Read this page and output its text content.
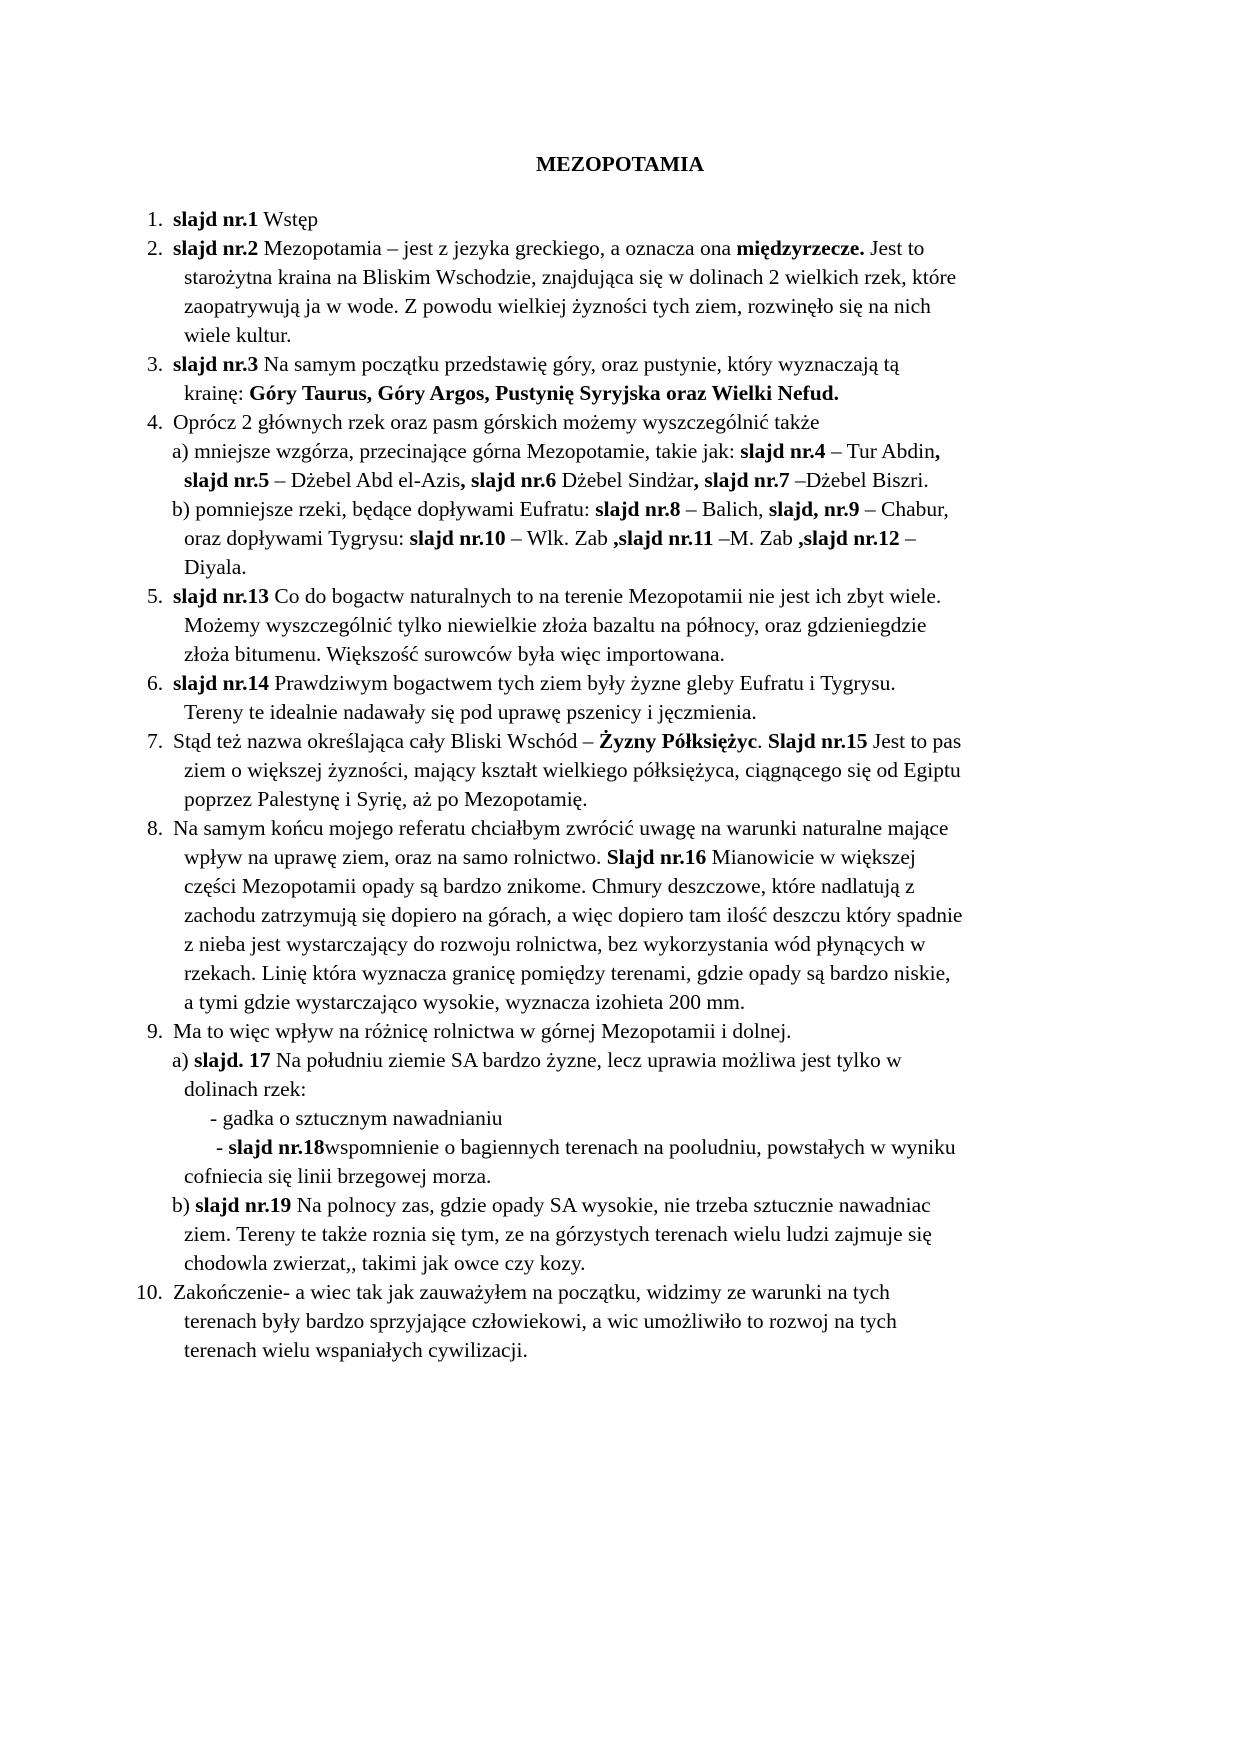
MEZOPOTAMIA
1.
2.
3.
4.
5.
6.
7.
8.
9.
10.
slajd nr.1 Wstęp
slajd nr.2 Mezopotamia – jest z jezyka greckiego, a oznacza ona międzyrzecze. Jest to
starożytna kraina na Bliskim Wschodzie, znajdująca się w dolinach 2 wielkich rzek, które
zaopatrywują ja w wode. Z powodu wielkiej żyzności tych ziem, rozwinęło się na nich
wiele kultur.
slajd nr.3 Na samym początku przedstawię góry, oraz pustynie, który wyznaczają tą
krainę: Góry Taurus, Góry Argos, Pustynię Syryjska oraz Wielki Nefud.
Oprócz 2 głównych rzek oraz pasm górskich możemy wyszczególnić także
a) mniejsze wzgórza, przecinające górna Mezopotamie, takie jak: slajd nr.4 – Tur Abdin,
slajd nr.5 – Dżebel Abd el-Azis, slajd nr.6 Dżebel Sindżar, slajd nr.7 –Dżebel Biszri.
b) pomniejsze rzeki, będące dopływami Eufratu: slajd nr.8 – Balich, slajd, nr.9 – Chabur,
oraz dopływami Tygrysu: slajd nr.10 – Wlk. Zab ,slajd nr.11 –M. Zab ,slajd nr.12 –
Diyala.
slajd nr.13 Co do bogactw naturalnych to na terenie Mezopotamii nie jest ich zbyt wiele.
Możemy wyszczególnić tylko niewielkie złoża bazaltu na północy, oraz gdzieniegdzie
złoża bitumenu. Większość surowców była więc importowana.
slajd nr.14 Prawdziwym bogactwem tych ziem były żyzne gleby Eufratu i Tygrysu.
Tereny te idealnie nadawały się pod uprawę pszenicy i jęczmienia.
Stąd też nazwa określająca cały Bliski Wschód – Żyzny Półksiężyc. Slajd nr.15 Jest to pas
ziem o większej żyzności, mający kształt wielkiego półksiężyca, ciągnącego się od Egiptu
poprzez Palestynę i Syrię, aż po Mezopotamię.
Na samym końcu mojego referatu chciałbym zwrócić uwagę na warunki naturalne mające
wpływ na uprawę ziem, oraz na samo rolnictwo. Slajd nr.16 Mianowicie w większej
części Mezopotamii opady są bardzo znikome. Chmury deszczowe, które nadlatują z
zachodu zatrzymują się dopiero na górach, a więc dopiero tam ilość deszczu który spadnie
z nieba jest wystarczający do rozwoju rolnictwa, bez wykorzystania wód płynących w
rzekach. Linię która wyznacza granicę pomiędzy terenami, gdzie opady są bardzo niskie,
a tymi gdzie wystarczająco wysokie, wyznacza izohieta 200 mm.
Ma to więc wpływ na różnicę rolnictwa w górnej Mezopotamii i dolnej.
a) slajd. 17 Na południu ziemie SA bardzo żyzne, lecz uprawia możliwa jest tylko w
dolinach rzek:
- gadka o sztucznym nawadnianiu
- slajd nr.18wspomnienie o bagiennych terenach na pooludniu, powstałych w wyniku
cofniecia się linii brzegowej morza.
b) slajd nr.19 Na polnocy zas, gdzie opady SA wysokie, nie trzeba sztucznie nawadniac
ziem. Tereny te także roznia się tym, ze na górzystych terenach wielu ludzi zajmuje się
chodowla zwierzat,, takimi jak owce czy kozy.
Zakończenie- a wiec tak jak zauważyłem na początku, widzimy ze warunki na tych
terenach były bardzo sprzyjające człowiekowi, a wic umożliwiło to rozwoj na tych
terenach wielu wspaniałych cywilizacji.
